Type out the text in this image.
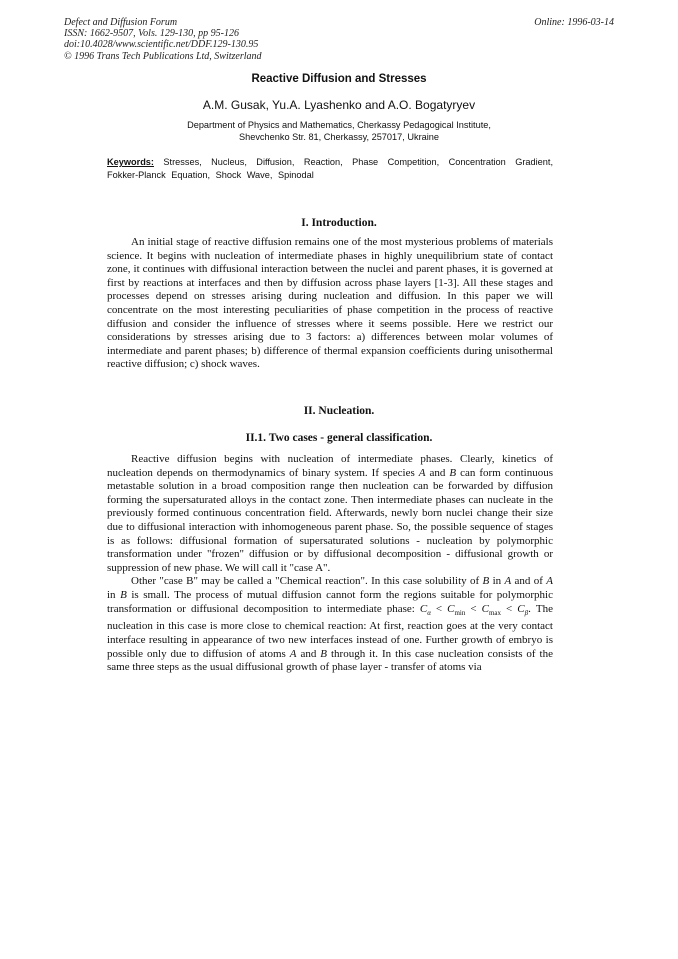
Defect and Diffusion Forum
ISSN: 1662-9507, Vols. 129-130, pp 95-126
doi:10.4028/www.scientific.net/DDF.129-130.95
© 1996 Trans Tech Publications Ltd, Switzerland
Online: 1996-03-14
Reactive Diffusion and Stresses
A.M. Gusak, Yu.A. Lyashenko and A.O. Bogatyryev
Department of Physics and Mathematics, Cherkassy Pedagogical Institute,
Shevchenko Str. 81, Cherkassy, 257017, Ukraine
Keywords: Stresses, Nucleus, Diffusion, Reaction, Phase Competition, Concentration Gradient, Fokker-Planck Equation, Shock Wave, Spinodal
I. Introduction.

An initial stage of reactive diffusion remains one of the most mysterious problems of materials science. It begins with nucleation of intermediate phases in highly unequilibrium state of contact zone, it continues with diffusional interaction between the nuclei and parent phases, it is governed at first by reactions at interfaces and then by diffusion across phase layers [1-3]. All these stages and processes depend on stresses arising during nucleation and diffusion. In this paper we will concentrate on the most interesting peculiarities of phase competition in the process of reactive diffusion and consider the influence of stresses where it seems possible. Here we restrict our considerations by stresses arising due to 3 factors: a) differences between molar volumes of intermediate and parent phases; b) difference of thermal expansion coefficients during unisothermal reactive diffusion; c) shock waves.

II. Nucleation.
II.1. Two cases - general classification.

Reactive diffusion begins with nucleation of intermediate phases. Clearly, kinetics of nucleation depends on thermodynamics of binary system. If species A and B can form continuous metastable solution in a broad composition range then nucleation can be forwarded by diffusion forming the supersaturated alloys in the contact zone. Then intermediate phases can nucleate in the previously formed continuous concentration field. Afterwards, newly born nuclei change their size due to diffusional interaction with inhomogeneous parent phase. So, the possible sequence of stages is as follows: diffusional formation of supersaturated solutions - nucleation by polymorphic transformation under "frozen" diffusion or by diffusional decomposition - diffusional growth or suppression of new phase. We will call it "case A".

Other "case B" may be called a "Chemical reaction". In this case solubility of B in A and of A in B is small. The process of mutual diffusion cannot form the regions suitable for polymorphic transformation or diffusional decomposition to intermediate phase: $C_\alpha < C_{min} < C_{max} < C_\beta$. The nucleation in this case is more close to chemical reaction: At first, reaction goes at the very contact interface resulting in appearance of two new interfaces instead of one. Further growth of embryo is possible only due to diffusion of atoms A and B through it. In this case nucleation consists of the same three steps as the usual diffusional growth of phase layer - transfer of atoms via
